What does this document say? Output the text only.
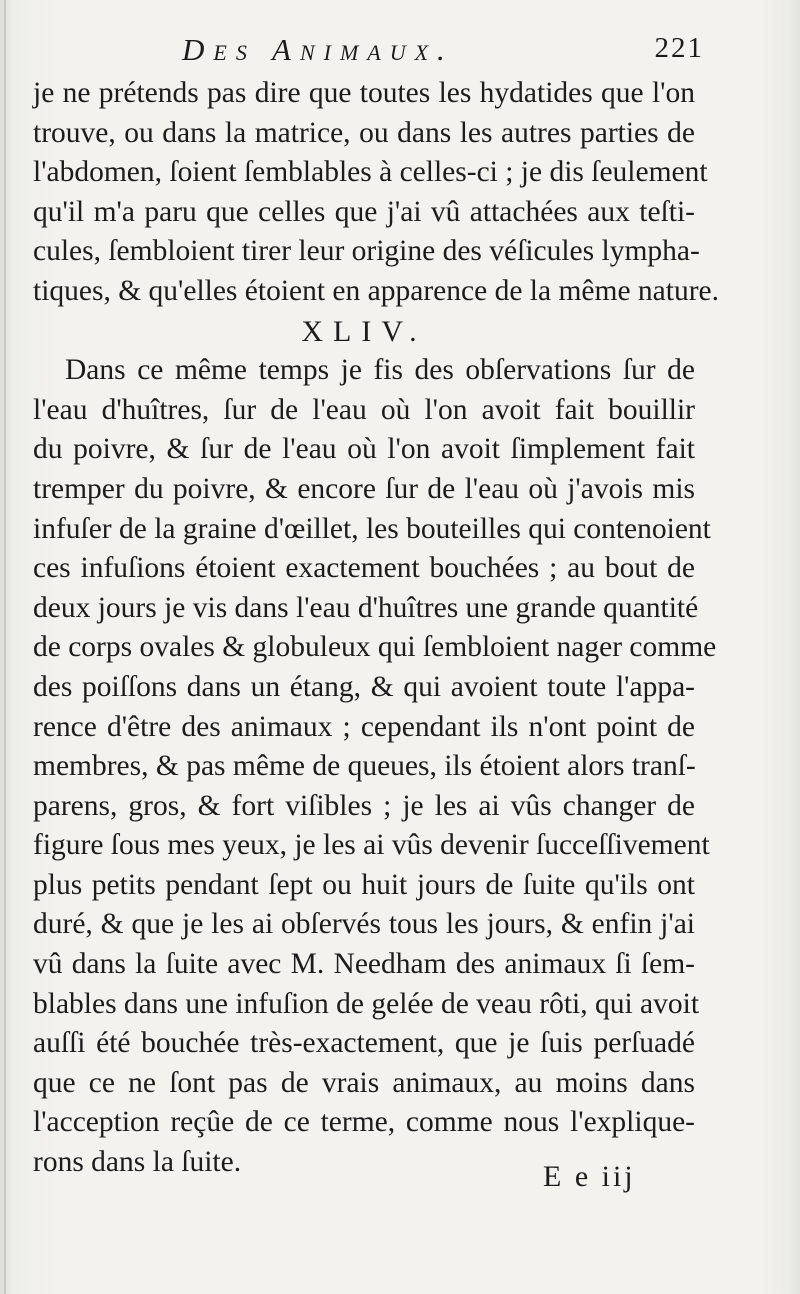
Des Animaux.	221
je ne prétends pas dire que toutes les hydatides que l'on
trouve, ou dans la matrice, ou dans les autres parties de
l'abdomen, ſoient ſemblables à celles-ci ; je dis ſeulement
qu'il m'a paru que celles que j'ai vû attachées aux teſti-
cules, ſembloient tirer leur origine des véſicules lympha-
tiques, & qu'elles étoient en apparence de la même nature.
XLIV.
Dans ce même temps je fis des obſervations ſur de
l'eau d'huîtres, ſur de l'eau où l'on avoit fait bouillir
du poivre, & ſur de l'eau où l'on avoit ſimplement fait
tremper du poivre, & encore ſur de l'eau où j'avois mis
infuſer de la graine d'œillet, les bouteilles qui contenoient
ces infuſions étoient exactement bouchées ; au bout de
deux jours je vis dans l'eau d'huîtres une grande quantité
de corps ovales & globuleux qui ſembloient nager comme
des poiſſons dans un étang, & qui avoient toute l'appa-
rence d'être des animaux ; cependant ils n'ont point de
membres, & pas même de queues, ils étoient alors tranſ-
parens, gros, & fort viſibles ; je les ai vûs changer de
figure ſous mes yeux, je les ai vûs devenir ſucceſſivement
plus petits pendant ſept ou huit jours de ſuite qu'ils ont
duré, & que je les ai obſervés tous les jours, & enfin j'ai
vû dans la ſuite avec M. Needham des animaux ſi ſem-
blables dans une infuſion de gelée de veau rôti, qui avoit
auſſi été bouchée très-exactement, que je ſuis perſuadé
que ce ne ſont pas de vrais animaux, au moins dans
l'acception reçûe de ce terme, comme nous l'explique-
rons dans la ſuite.	E e iij
